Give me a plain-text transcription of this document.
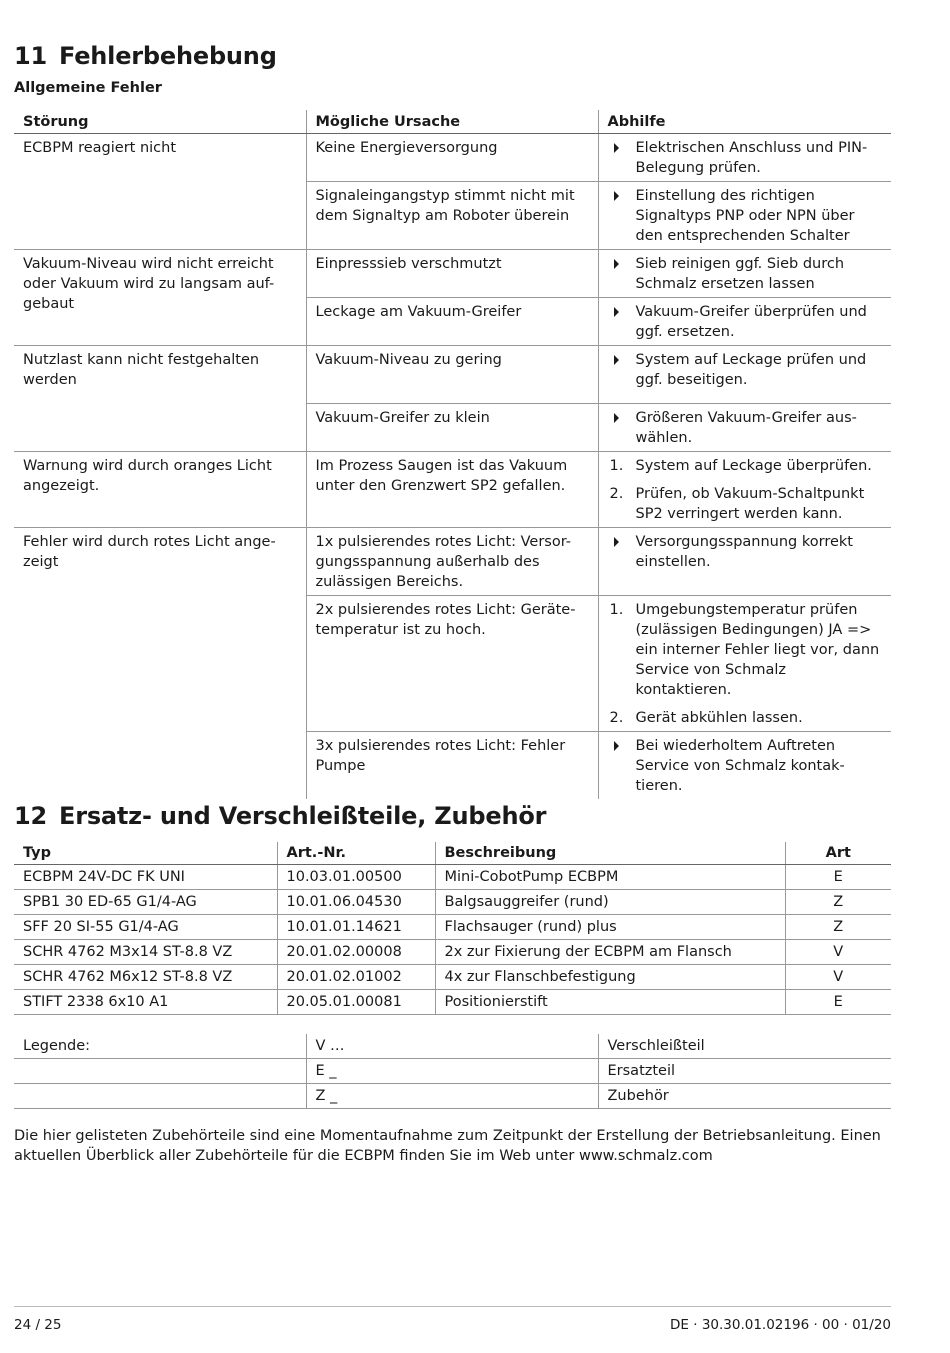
11 Fehlerbehebung
Allgemeine Fehler
Störung	Mögliche Ursache	Abhilfe
ECBPM reagiert nicht	Keine Energieversorgung	Elektrischen Anschluss und PIN-Belegung prüfen.

	Signaleingangstyp stimmt nicht mit dem Signaltyp am Roboter überein	Einstellung des richtigen Signaltyps PNP oder NPN über den entsprechenden Schalter

Vakuum-Niveau wird nicht erreicht oder Vakuum wird zu langsam auf-gebaut	Einpresssieb verschmutzt	Sieb reinigen ggf. Sieb durch Schmalz ersetzen lassen

	Leckage am Vakuum-Greifer	Vakuum-Greifer überprüfen und ggf. ersetzen.

Nutzlast kann nicht festgehalten werden	Vakuum-Niveau zu gering	System auf Leckage prüfen und ggf. beseitigen.

	Vakuum-Greifer zu klein	Größeren Vakuum-Greifer aus-wählen.

Warnung wird durch oranges Licht angezeigt.	Im Prozess Saugen ist das Vakuum unter den Grenzwert SP2 gefallen.	1. System auf Leckage überprüfen.
2. Prüfen, ob Vakuum-Schaltpunkt SP2 verringert werden kann.

Fehler wird durch rotes Licht ange-zeigt	1x pulsierendes rotes Licht: Versor-gungsspannung außerhalb des zulässigen Bereichs.	Versorgungsspannung korrekt einstellen.

	2x pulsierendes rotes Licht: Geräte-temperatur ist zu hoch.	1. Umgebungstemperatur prüfen (zulässigen Bedingungen) JA => ein interner Fehler liegt vor, dann Service von Schmalz kontaktieren.
2. Gerät abkühlen lassen.

	3x pulsierendes rotes Licht: Fehler Pumpe	Bei wiederholtem Auftreten Service von Schmalz kontak-tieren.
12 Ersatz- und Verschleißteile, Zubehör
Typ	Art.-Nr.	Beschreibung	Art
ECBPM 24V-DC FK UNI	10.03.01.00500	Mini-CobotPump ECBPM	E
SPB1 30 ED-65 G1/4-AG	10.01.06.04530	Balgsauggreifer (rund)	Z
SFF 20 SI-55 G1/4-AG	10.01.01.14621	Flachsauger (rund) plus	Z
SCHR 4762 M3x14 ST-8.8 VZ	20.01.02.00008	2x zur Fixierung der ECBPM am Flansch	V
SCHR 4762 M6x12 ST-8.8 VZ	20.01.02.01002	4x zur Flanschbefestigung	V
STIFT 2338 6x10 A1	20.05.01.00081	Positionierstift	E
Legende:	V …	Verschleißteil
	E _	Ersatzteil
	Z _	Zubehör
Die hier gelisteten Zubehörteile sind eine Momentaufnahme zum Zeitpunkt der Erstellung der Betriebsanleitung. Einen aktuellen Überblick aller Zubehörteile für die ECBPM finden Sie im Web unter www.schmalz.com
24 / 25	DE · 30.30.01.02196 · 00 · 01/20
